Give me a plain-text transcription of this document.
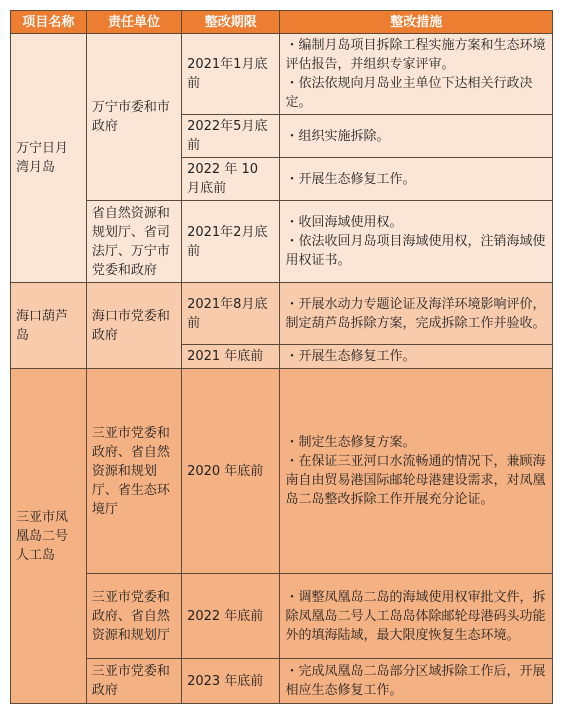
项目名称	责任单位	整改期限	整改措施
万宁日月湾月岛	万宁市委和市政府	2021年1月底前	・编制月岛项目拆除工程实施方案和生态环境评估报告，并组织专家评审。
・依法依规向月岛业主单位下达相关行政决定。
		2022年5月底前	・组织实施拆除。
		2022 年 10 月底前	・开展生态修复工作。
	省自然资源和规划厅、省司法厅、万宁市党委和政府	2021年2月底前	・收回海域使用权。
・依法收回月岛项目海域使用权，注销海域使用权证书。
海口葫芦岛	海口市党委和政府	2021年8月底前	・开展水动力专题论证及海洋环境影响评价，制定葫芦岛拆除方案，完成拆除工作并验收。
		2021 年底前	・开展生态修复工作。
三亚市凤凰岛二号人工岛	三亚市党委和政府、省自然资源和规划厅、省生态环境厅	2020 年底前	・制定生态修复方案。
・在保证三亚河口水流畅通的情况下，兼顾海南自由贸易港国际邮轮母港建设需求，对凤凰岛二岛整改拆除工作开展充分论证。
	三亚市党委和政府、省自然资源和规划厅	2022 年底前	・调整凤凰岛二岛的海域使用权审批文件，拆除凤凰岛二号人工岛岛体除邮轮母港码头功能外的填海陆域，最大限度恢复生态环境。
	三亚市党委和政府	2023 年底前	・完成凤凰岛二岛部分区域拆除工作后，开展相应生态修复工作。
